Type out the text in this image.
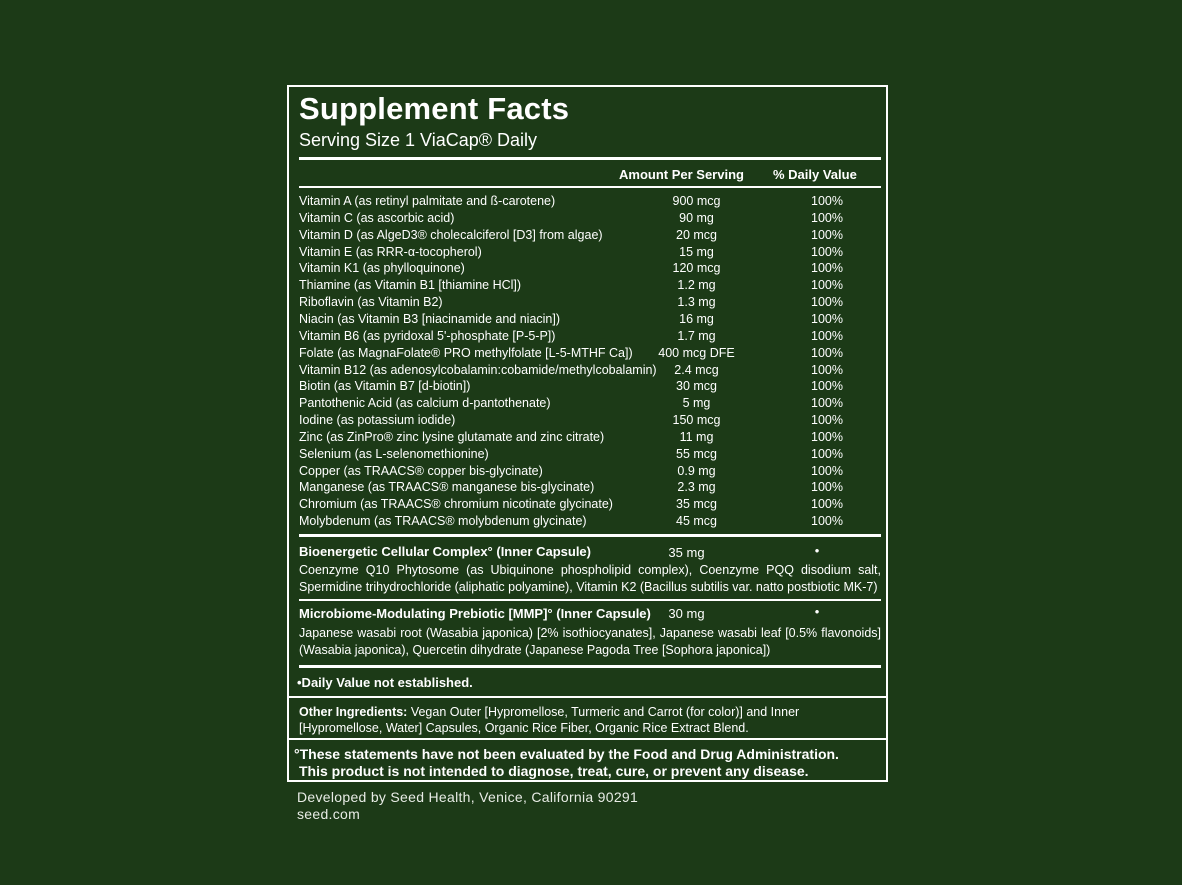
Supplement Facts
Serving Size 1 ViaCap® Daily
Amount Per Serving % Daily Value
Vitamin A (as retinyl palmitate and ß-carotene)	900 mcg	100%
Vitamin C (as ascorbic acid)	90 mg	100%
Vitamin D (as AlgeD3® cholecalciferol [D3] from algae)	20 mcg	100%
Vitamin E (as RRR-α-tocopherol)	15 mg	100%
Vitamin K1 (as phylloquinone)	120 mcg	100%
Thiamine (as Vitamin B1 [thiamine HCl])	1.2 mg	100%
Riboflavin (as Vitamin B2)	1.3 mg	100%
Niacin (as Vitamin B3 [niacinamide and niacin])	16 mg	100%
Vitamin B6 (as pyridoxal 5'-phosphate [P-5-P])	1.7 mg	100%
Folate (as MagnaFolate® PRO methylfolate [L-5-MTHF Ca])	400 mcg DFE	100%
Vitamin B12 (as adenosylcobalamin:cobamide/methylcobalamin)	2.4 mcg	100%
Biotin (as Vitamin B7 [d-biotin])	30 mcg	100%
Pantothenic Acid (as calcium d-pantothenate)	5 mg	100%
Iodine (as potassium iodide)	150 mcg	100%
Zinc (as ZinPro® zinc lysine glutamate and zinc citrate)	11 mg	100%
Selenium (as L-selenomethionine)	55 mcg	100%
Copper (as TRAACS® copper bis-glycinate)	0.9 mg	100%
Manganese (as TRAACS® manganese bis-glycinate)	2.3 mg	100%
Chromium (as TRAACS® chromium nicotinate glycinate)	35 mcg	100%
Molybdenum (as TRAACS® molybdenum glycinate)	45 mcg	100%
Bioenergetic Cellular Complex° (Inner Capsule)	35 mg	•

Coenzyme Q10 Phytosome (as Ubiquinone phospholipid complex), Coenzyme PQQ disodium salt, Spermidine trihydrochloride (aliphatic polyamine), Vitamin K2 (Bacillus subtilis var. natto postbiotic MK-7)

Microbiome-Modulating Prebiotic [MMP]° (Inner Capsule)	30 mg	•

Japanese wasabi root (Wasabia japonica) [2% isothiocyanates], Japanese wasabi leaf [0.5% flavonoids] (Wasabia japonica), Quercetin dihydrate (Japanese Pagoda Tree [Sophora japonica])

•Daily Value not established.

Other Ingredients: Vegan Outer [Hypromellose, Turmeric and Carrot (for color)] and Inner [Hypromellose, Water] Capsules, Organic Rice Fiber, Organic Rice Extract Blend.

°These statements have not been evaluated by the Food and Drug Administration.
This product is not intended to diagnose, treat, cure, or prevent any disease.

Developed by Seed Health, Venice, California 90291
seed.com
